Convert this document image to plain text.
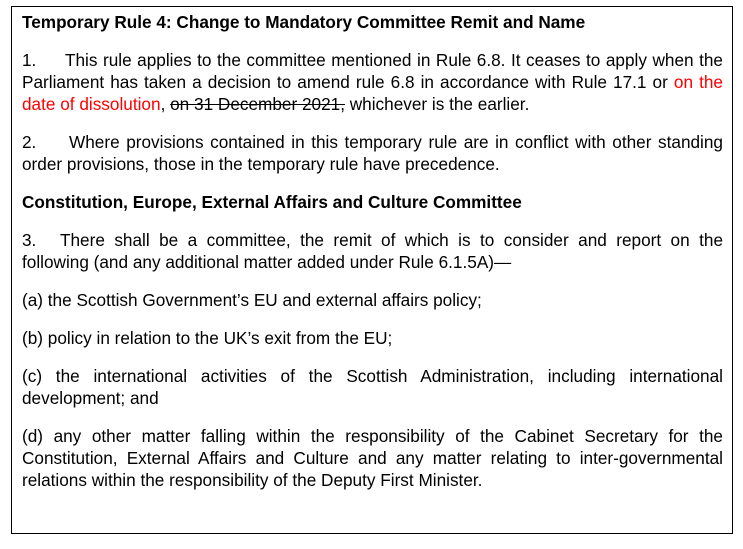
Temporary Rule 4: Change to Mandatory Committee Remit and Name

1. This rule applies to the committee mentioned in Rule 6.8. It ceases to apply when the Parliament has taken a decision to amend rule 6.8 in accordance with Rule 17.1 or on the date of dissolution, on 31 December 2021, whichever is the earlier.

2. Where provisions contained in this temporary rule are in conflict with other standing order provisions, those in the temporary rule have precedence.

Constitution, Europe, External Affairs and Culture Committee

3. There shall be a committee, the remit of which is to consider and report on the following (and any additional matter added under Rule 6.1.5A)—

(a) the Scottish Government’s EU and external affairs policy;

(b) policy in relation to the UK’s exit from the EU;

(c) the international activities of the Scottish Administration, including international development; and

(d) any other matter falling within the responsibility of the Cabinet Secretary for the Constitution, External Affairs and Culture and any matter relating to inter-governmental relations within the responsibility of the Deputy First Minister.
